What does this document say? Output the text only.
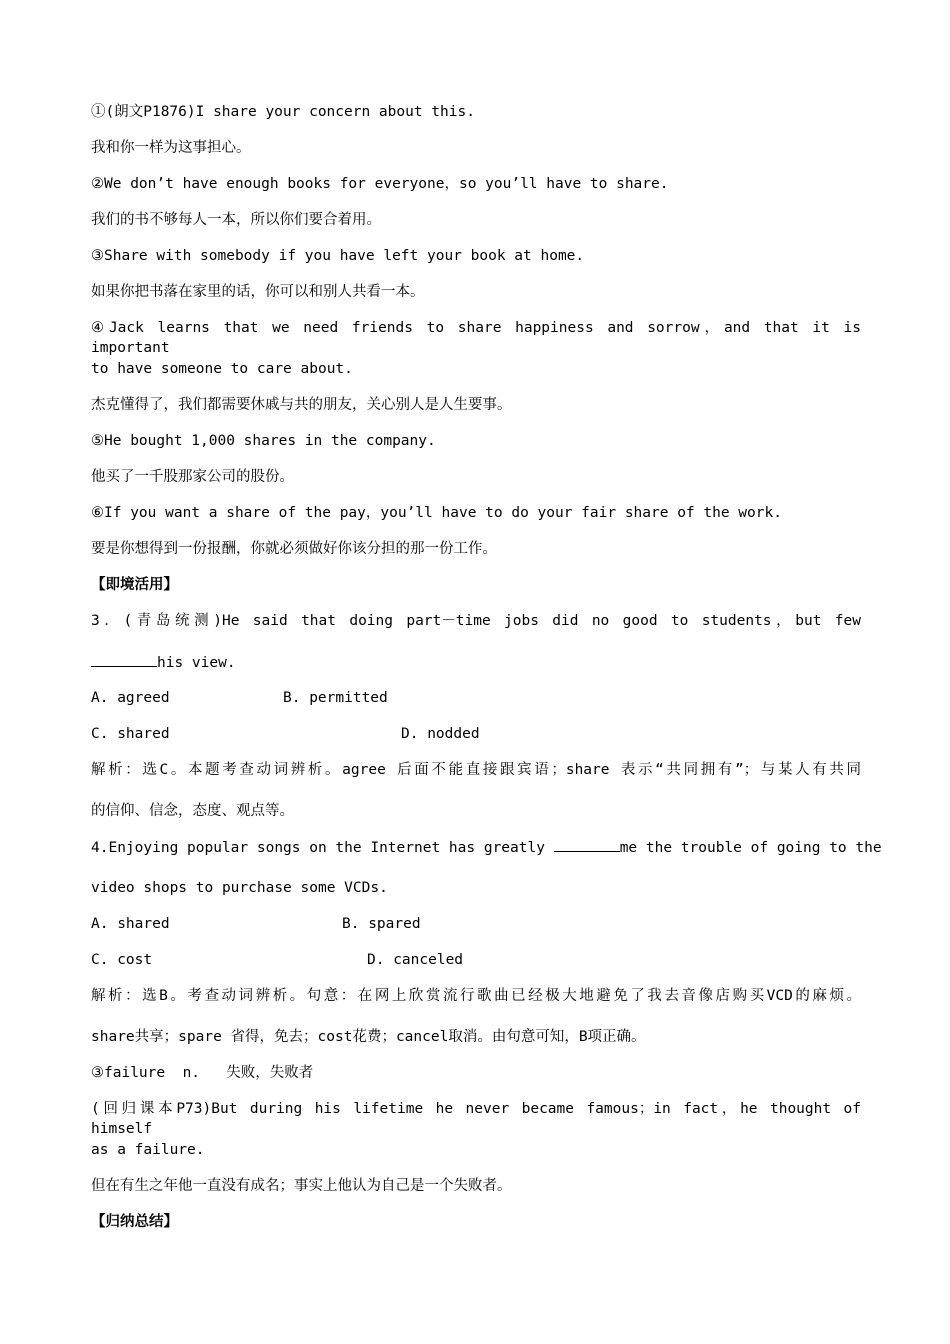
①(朗文P1876)I share your concern about this.
我和你一样为这事担心。
②We don’t have enough books for everyone，so you’ll have to share.
我们的书不够每人一本，所以你们要合着用。
③Share with somebody if you have left your book at home.
如果你把书落在家里的话，你可以和别人共看一本。
④Jack learns that we need friends to share happiness and sorrow，and that it is important
to have someone to care about.
杰克懂得了，我们都需要休戚与共的朋友，关心别人是人生要事。
⑤He bought 1,000 shares in the company.
他买了一千股那家公司的股份。
⑥If you want a share of the pay，you’ll have to do your fair share of the work.
要是你想得到一份报酬，你就必须做好你该分担的那一份工作。
【即境活用】
3．(青岛统测)He said that doing part－time jobs did no good to students，but few
his view.
A. agreed	B. permitted
C. shared	D. nodded
解析：选C。本题考查动词辨析。agree 后面不能直接跟宾语；share 表示“共同拥有”；与某人有共同
的信仰、信念，态度、观点等。
4.Enjoying popular songs on the Internet has greatly	me the trouble of going to the
video shops to purchase some VCDs.
A. shared	B. spared
C. cost	D. canceled
解析：选B。考查动词辨析。句意：在网上欣赏流行歌曲已经极大地避免了我去音像店购买VCD的麻烦。
share共享；spare 省得，免去；cost花费；cancel取消。由句意可知，B项正确。
③failure  n.   失败，失败者
(回归课本P73)But during his lifetime he never became famous；in fact，he thought of himself
as a failure.
但在有生之年他一直没有成名；事实上他认为自己是一个失败者。
【归纳总结】
